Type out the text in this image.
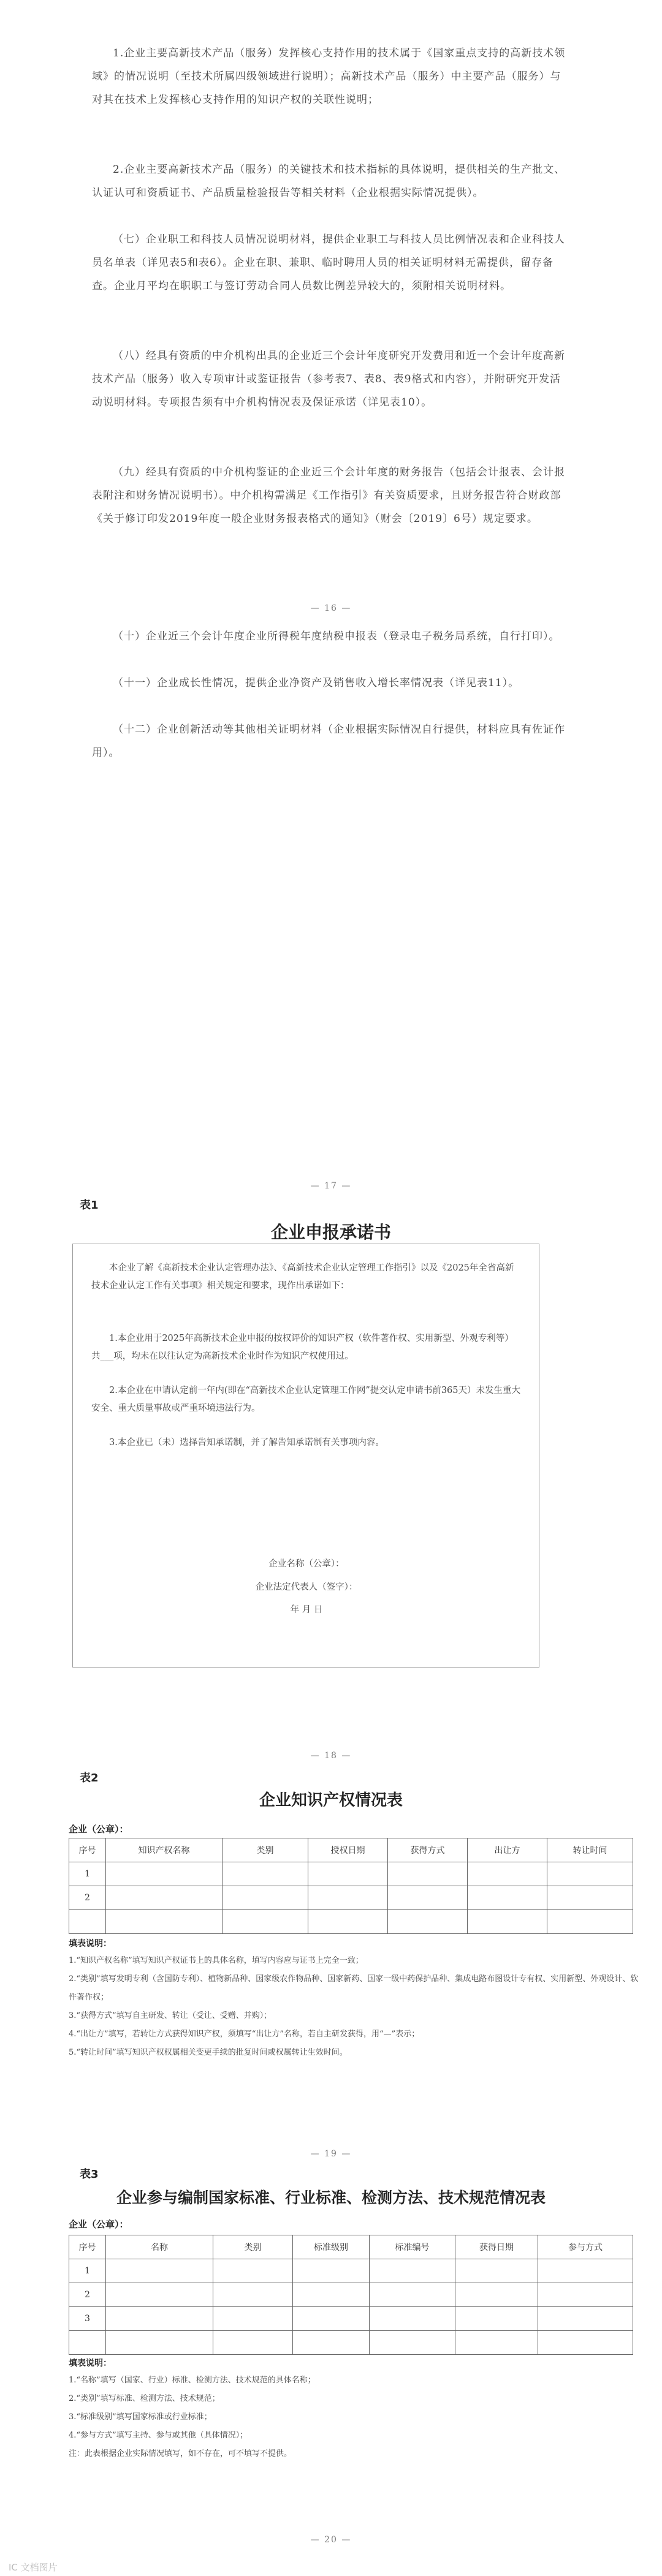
1.企业主要高新技术产品（服务）发挥核心支持作用的技术属于《国家重点支持的高新技术领域》的情况说明（至技术所属四级领域进行说明）；高新技术产品（服务）中主要产品（服务）与对其在技术上发挥核心支持作用的知识产权的关联性说明；

2.企业主要高新技术产品（服务）的关键技术和技术指标的具体说明，提供相关的生产批文、认证认可和资质证书、产品质量检验报告等相关材料（企业根据实际情况提供）。

（七）企业职工和科技人员情况说明材料，提供企业职工与科技人员比例情况表和企业科技人员名单表（详见表5和表6）。企业在职、兼职、临时聘用人员的相关证明材料无需提供，留存备查。企业月平均在职职工与签订劳动合同人员数比例差异较大的，须附相关说明材料。

（八）经具有资质的中介机构出具的企业近三个会计年度研究开发费用和近一个会计年度高新技术产品（服务）收入专项审计或鉴证报告（参考表7、表8、表9格式和内容），并附研究开发活动说明材料。专项报告须有中介机构情况表及保证承诺（详见表10）。

（九）经具有资质的中介机构鉴证的企业近三个会计年度的财务报告（包括会计报表、会计报表附注和财务情况说明书）。中介机构需满足《工作指引》有关资质要求，且财务报告符合财政部《关于修订印发2019年度一般企业财务报表格式的通知》（财会〔2019〕6号）规定要求。

— 16 —

（十）企业近三个会计年度企业所得税年度纳税申报表（登录电子税务局系统，自行打印）。

（十一）企业成长性情况，提供企业净资产及销售收入增长率情况表（详见表11）。

（十二）企业创新活动等其他相关证明材料（企业根据实际情况自行提供，材料应具有佐证作用）。

— 17 —
表1
企业申报承诺书

本企业了解《高新技术企业认定管理办法》、《高新技术企业认定管理工作指引》以及《2025年全省高新技术企业认定工作有关事项》相关规定和要求，现作出承诺如下：

1.本企业用于2025年高新技术企业申报的按权评价的知识产权（软件著作权、实用新型、外观专利等）共___项，均未在以往认定为高新技术企业时作为知识产权使用过。

2.本企业在申请认定前一年内(即在“高新技术企业认定管理工作网”提交认定申请书前365天）未发生重大安全、重大质量事故或严重环境违法行为。

3.本企业已（未）选择告知承诺制，并了解告知承诺制有关事项内容。

企业名称（公章）：
企业法定代表人（签字）：
年 月 日
— 18 —
表2
企业知识产权情况表
企业（公章）：
序号	知识产权名称	类别	授权日期	获得方式	出让方	转让时间
1						
2						

填表说明：
1.“知识产权名称”填写知识产权证书上的具体名称，填写内容应与证书上完全一致；
2.“类别”填写发明专利（含国防专利）、植物新品种、国家级农作物品种、国家新药、国家一级中药保护品种、集成电路布图设计专有权、实用新型、外观设计、软件著作权；
3.“获得方式”填写自主研发、转让（受让、受赠、并购）；
4.“出让方”填写，若转让方式获得知识产权，须填写“出让方”名称，若自主研发获得，用“—”表示；
5.“转让时间”填写知识产权权属相关变更手续的批复时间或权属转让生效时间。
— 19 —
表3
企业参与编制国家标准、行业标准、检测方法、技术规范情况表
企业（公章）：
序号	名称	类别	标准级别	标准编号	获得日期	参与方式
1						
2						
3						

填表说明：
1.“名称”填写（国家、行业）标准、检测方法、技术规范的具体名称；
2.“类别”填写标准、检测方法、技术规范；
3.“标准级别”填写国家标准或行业标准；
4.“参与方式”填写主持、参与或其他（具体情况）；
注：此表根据企业实际情况填写，如不存在，可不填写不提供。
— 20 —
IC 文档图片
